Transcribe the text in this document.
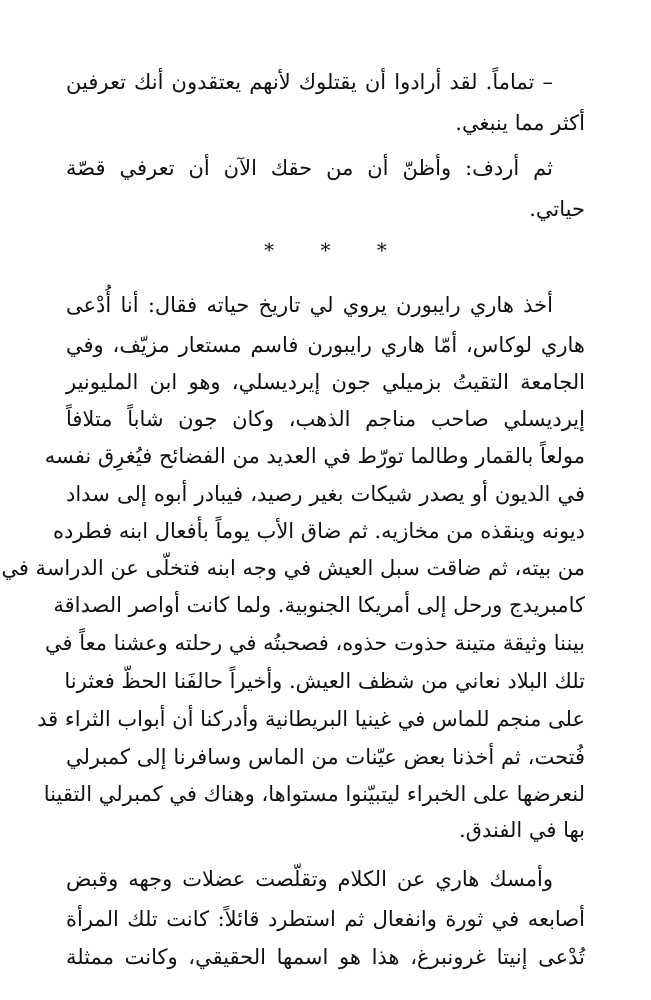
– تماماً. لقد أرادوا أن يقتلوك لأنهم يعتقدون أنك تعرفين
أكثر مما ينبغي.
ثم أردف: وأظنّ أن من حقك الآن أن تعرفي قصّة
حياتي.
أخذ هاري رايبورن يروي لي تاريخ حياته فقال: أنا أُدْعى
هاري لوكاس، أمّا هاري رايبورن فاسم مستعار مزيّف، وفي
الجامعة التقيتُ بزميلي جون إيرديسلي، وهو ابن المليونير
إيرديسلي صاحب مناجم الذهب، وكان جون شاباً متلافاً
مولعاً بالقمار وطالما تورّط في العديد من الفضائح فيُغرِق نفسه
في الديون أو يصدر شيكات بغير رصيد، فيبادر أبوه إلى سداد
ديونه وينقذه من مخازيه. ثم ضاق الأب يوماً بأفعال ابنه فطرده
من بيته، ثم ضاقت سبل العيش في وجه ابنه فتخلّى عن الدراسة في
كامبريدج ورحل إلى أمريكا الجنوبية. ولما كانت أواصر الصداقة
بيننا وثيقة متينة حذوت حذوه، فصحبتُه في رحلته وعشنا معاً في
تلك البلاد نعاني من شظف العيش. وأخيراً حالفَنا الحظّ فعثرنا
على منجم للماس في غينيا البريطانية وأدركنا أن أبواب الثراء قد
فُتحت، ثم أخذنا بعض عيّنات من الماس وسافرنا إلى كمبرلي
لنعرضها على الخبراء ليتبيّنوا مستواها، وهناك في كمبرلي التقينا
بها في الفندق.
وأمسك هاري عن الكلام وتقلّصت عضلات وجهه وقبض
أصابعه في ثورة وانفعال ثم استطرد قائلاً: كانت تلك المرأة
تُدْعى إنيتا غرونبرغ، هذا هو اسمها الحقيقي، وكانت ممثلة
* * *
